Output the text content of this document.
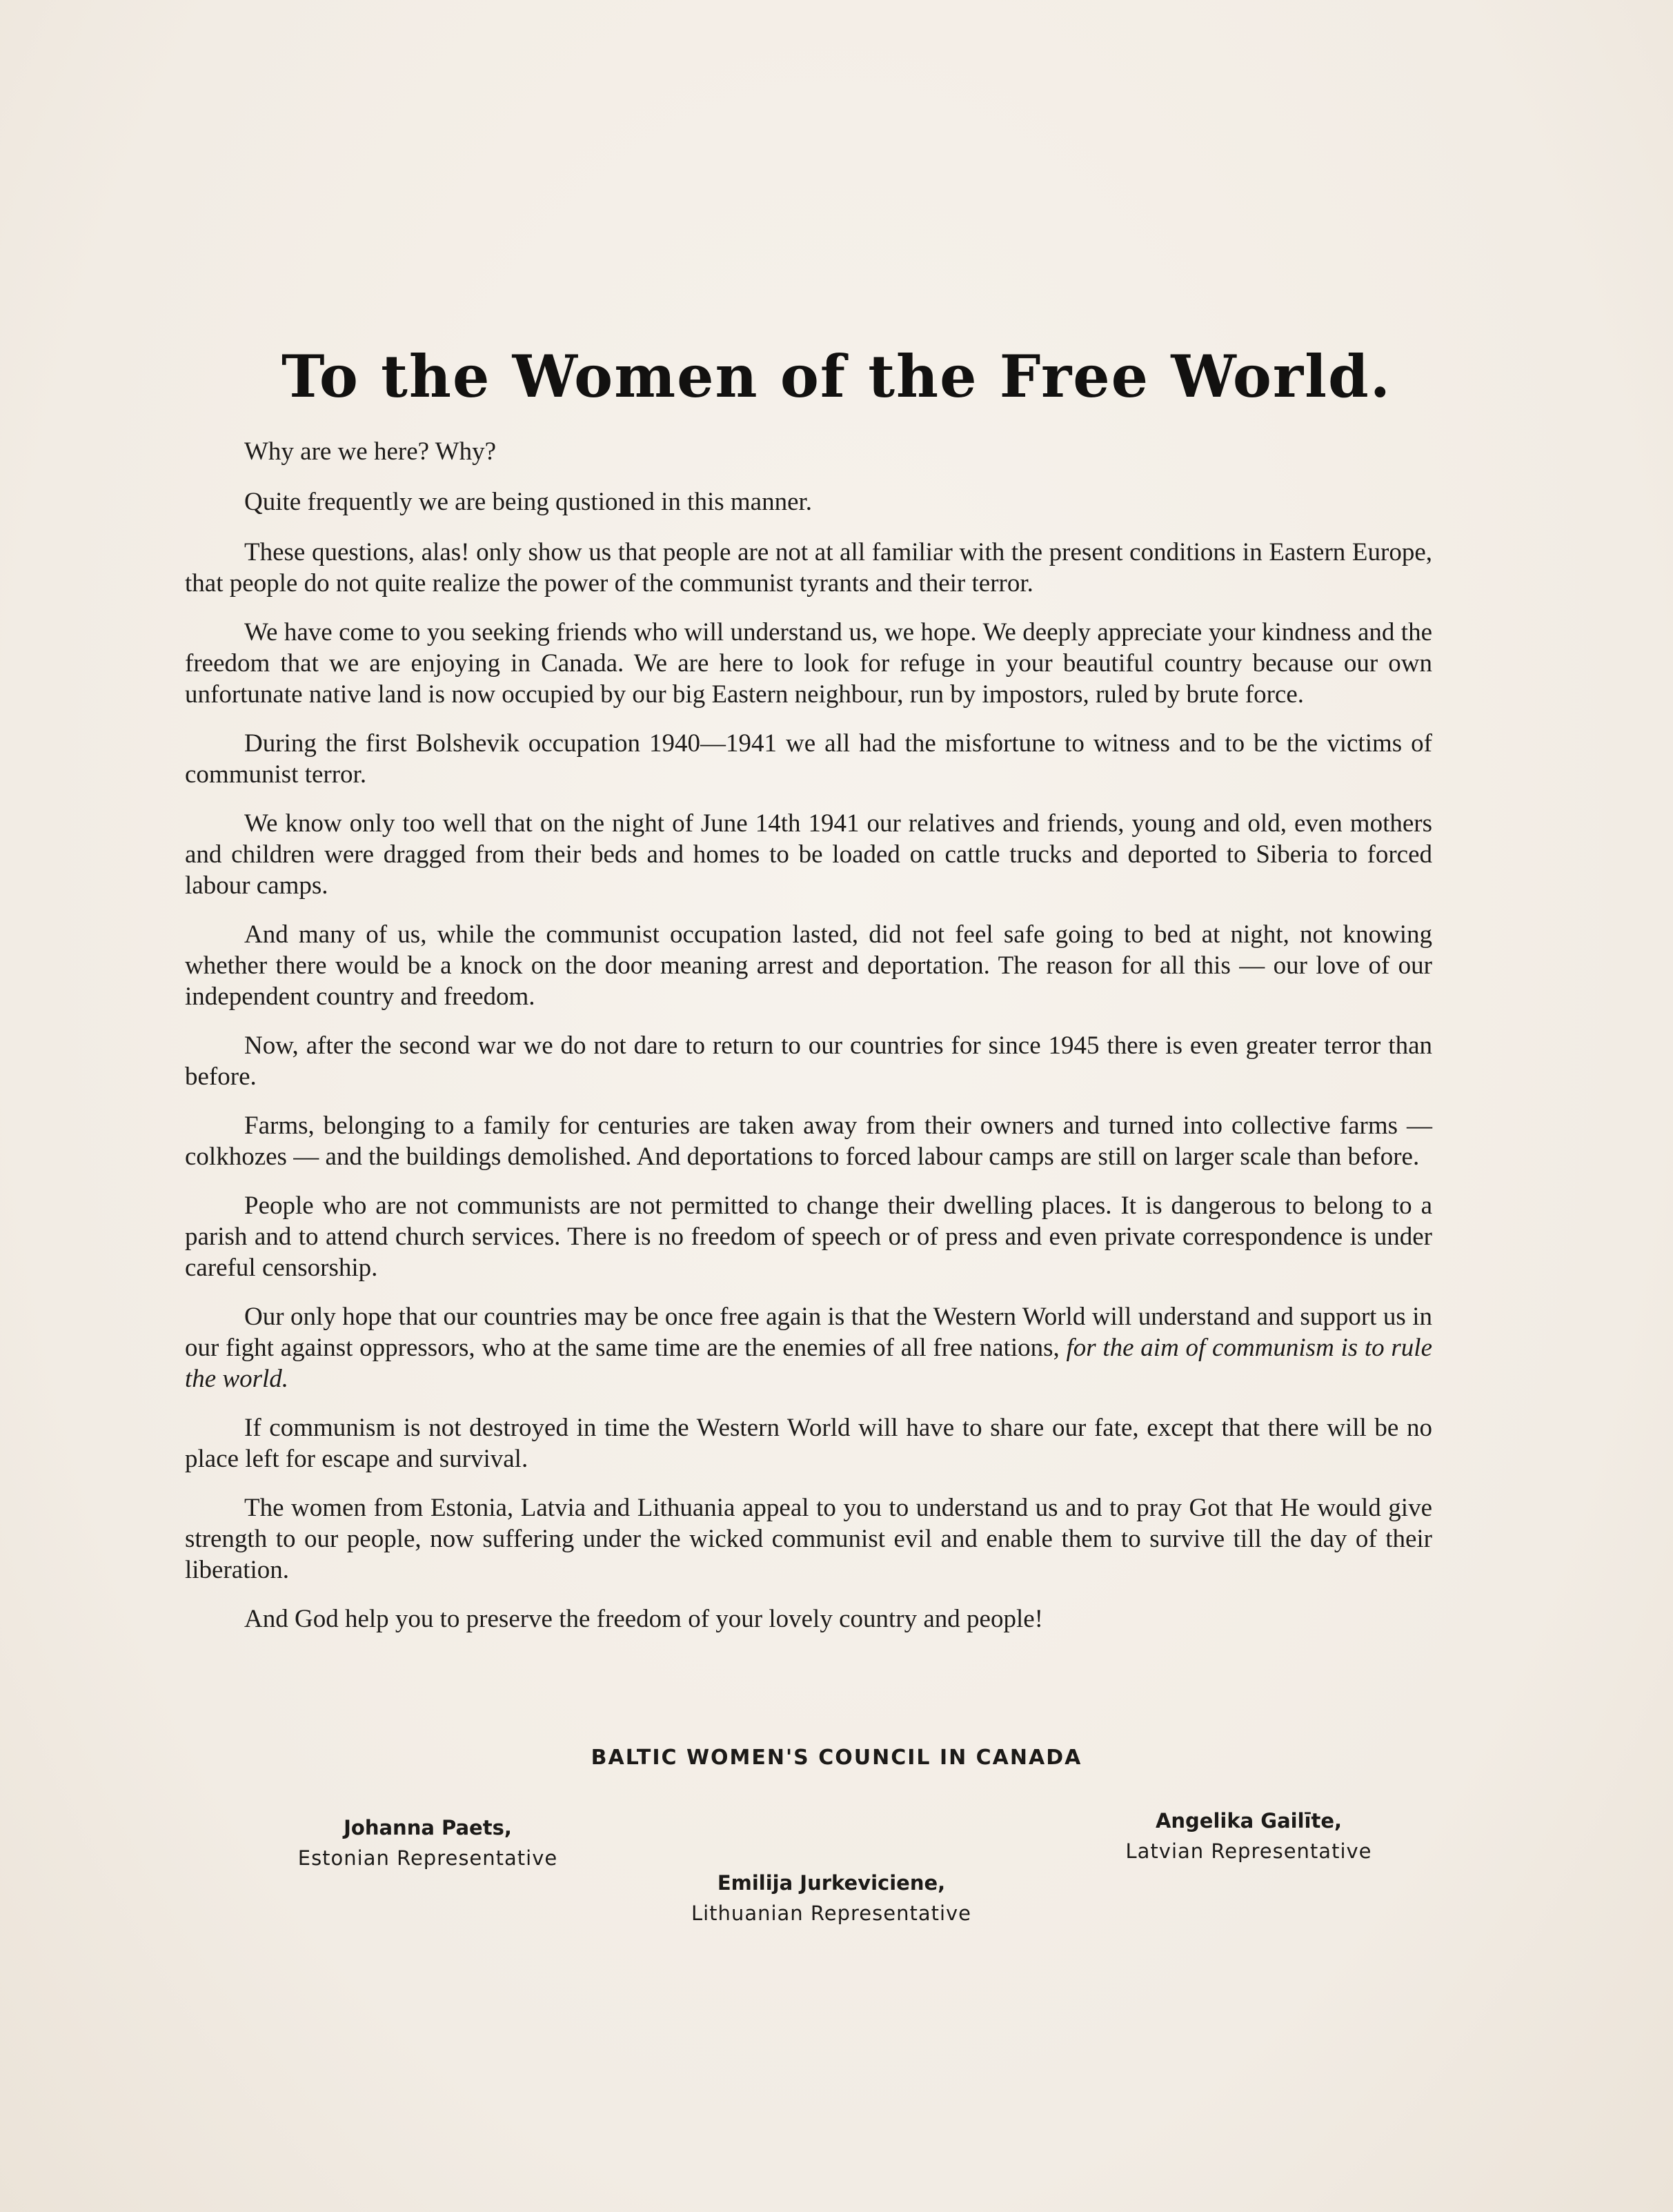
To the Women of the Free World.

Why are we here? Why?

Quite frequently we are being qustioned in this manner.

These questions, alas! only show us that people are not at all familiar with the present conditions in Eastern Europe, that people do not quite realize the power of the communist tyrants and their terror.

We have come to you seeking friends who will understand us, we hope. We deeply appreciate your kindness and the freedom that we are enjoying in Canada. We are here to look for refuge in your beautiful country because our own unfortunate native land is now occupied by our big Eastern neighbour, run by impostors, ruled by brute force.

During the first Bolshevik occupation 1940—1941 we all had the misfortune to witness and to be the victims of communist terror.

We know only too well that on the night of June 14th 1941 our relatives and friends, young and old, even mothers and children were dragged from their beds and homes to be loaded on cattle trucks and deported to Siberia to forced labour camps.

And many of us, while the communist occupation lasted, did not feel safe going to bed at night, not knowing whether there would be a knock on the door meaning arrest and deportation. The reason for all this — our love of our independent country and freedom.

Now, after the second war we do not dare to return to our countries for since 1945 there is even greater terror than before.

Farms, belonging to a family for centuries are taken away from their owners and turned into collective farms — colkhozes — and the buildings demolished. And deportations to forced labour camps are still on larger scale than before.

People who are not communists are not permitted to change their dwelling places. It is dangerous to belong to a parish and to attend church services. There is no freedom of speech or of press and even private correspondence is under careful censorship.

Our only hope that our countries may be once free again is that the Western World will understand and support us in our fight against oppressors, who at the same time are the enemies of all free nations, for the aim of communism is to rule the world.

If communism is not destroyed in time the Western World will have to share our fate, except that there will be no place left for escape and survival.

The women from Estonia, Latvia and Lithuania appeal to you to understand us and to pray Got that He would give strength to our people, now suffering under the wicked communist evil and enable them to survive till the day of their liberation.

And God help you to preserve the freedom of your lovely country and people!

BALTIC WOMEN'S COUNCIL IN CANADA
Johanna Paets,
Estonian Representative
Emilija Jurkeviciene,
Lithuanian Representative
Angelika Gailīte,
Latvian Representative
